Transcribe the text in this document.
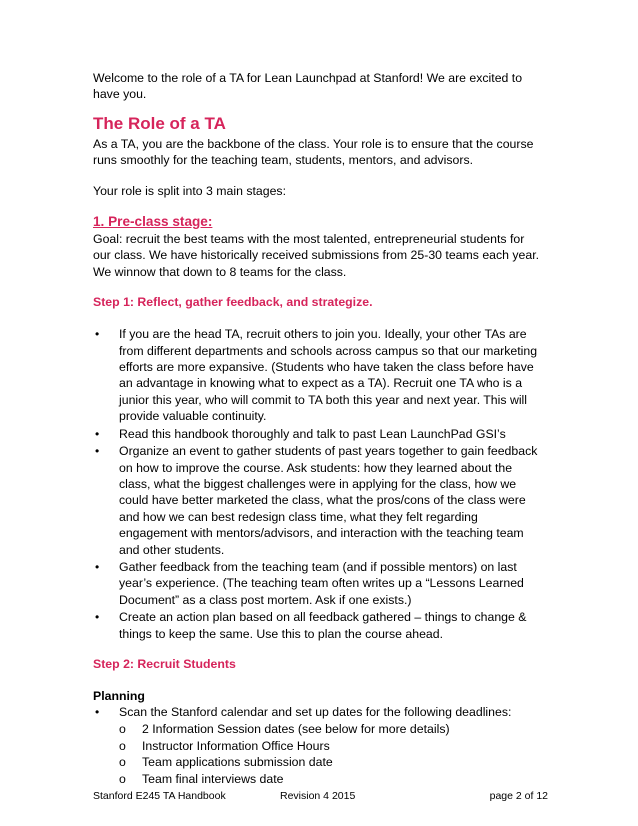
Welcome to the role of a TA for Lean Launchpad at Stanford! We are excited to have you.

The Role of a TA

As a TA, you are the backbone of the class. Your role is to ensure that the course runs smoothly for the teaching team, students, mentors, and advisors.

Your role is split into 3 main stages:

1. Pre-class stage:

Goal: recruit the best teams with the most talented, entrepreneurial students for our class. We have historically received submissions from 25-30 teams each year. We winnow that down to 8 teams for the class.

Step 1: Reflect, gather feedback, and strategize.
• If you are the head TA, recruit others to join you. Ideally, your other TAs are from different departments and schools across campus so that our marketing efforts are more expansive. (Students who have taken the class before have an advantage in knowing what to expect as a TA). Recruit one TA who is a junior this year, who will commit to TA both this year and next year. This will provide valuable continuity.
• Read this handbook thoroughly and talk to past Lean LaunchPad GSI’s
• Organize an event to gather students of past years together to gain feedback on how to improve the course. Ask students: how they learned about the class, what the biggest challenges were in applying for the class, how we could have better marketed the class, what the pros/cons of the class were and how we can best redesign class time, what they felt regarding engagement with mentors/advisors, and interaction with the teaching team and other students.
• Gather feedback from the teaching team (and if possible mentors) on last year’s experience. (The teaching team often writes up a “Lessons Learned Document” as a class post mortem. Ask if one exists.)
• Create an action plan based on all feedback gathered – things to change & things to keep the same. Use this to plan the course ahead.
Step 2: Recruit Students
Planning
• Scan the Stanford calendar and set up dates for the following deadlines:
o 2 Information Session dates (see below for more details)
o Instructor Information Office Hours
o Team applications submission date
o Team final interviews date
Stanford E245 TA Handbook	Revision 4 2015	page 2 of 12
